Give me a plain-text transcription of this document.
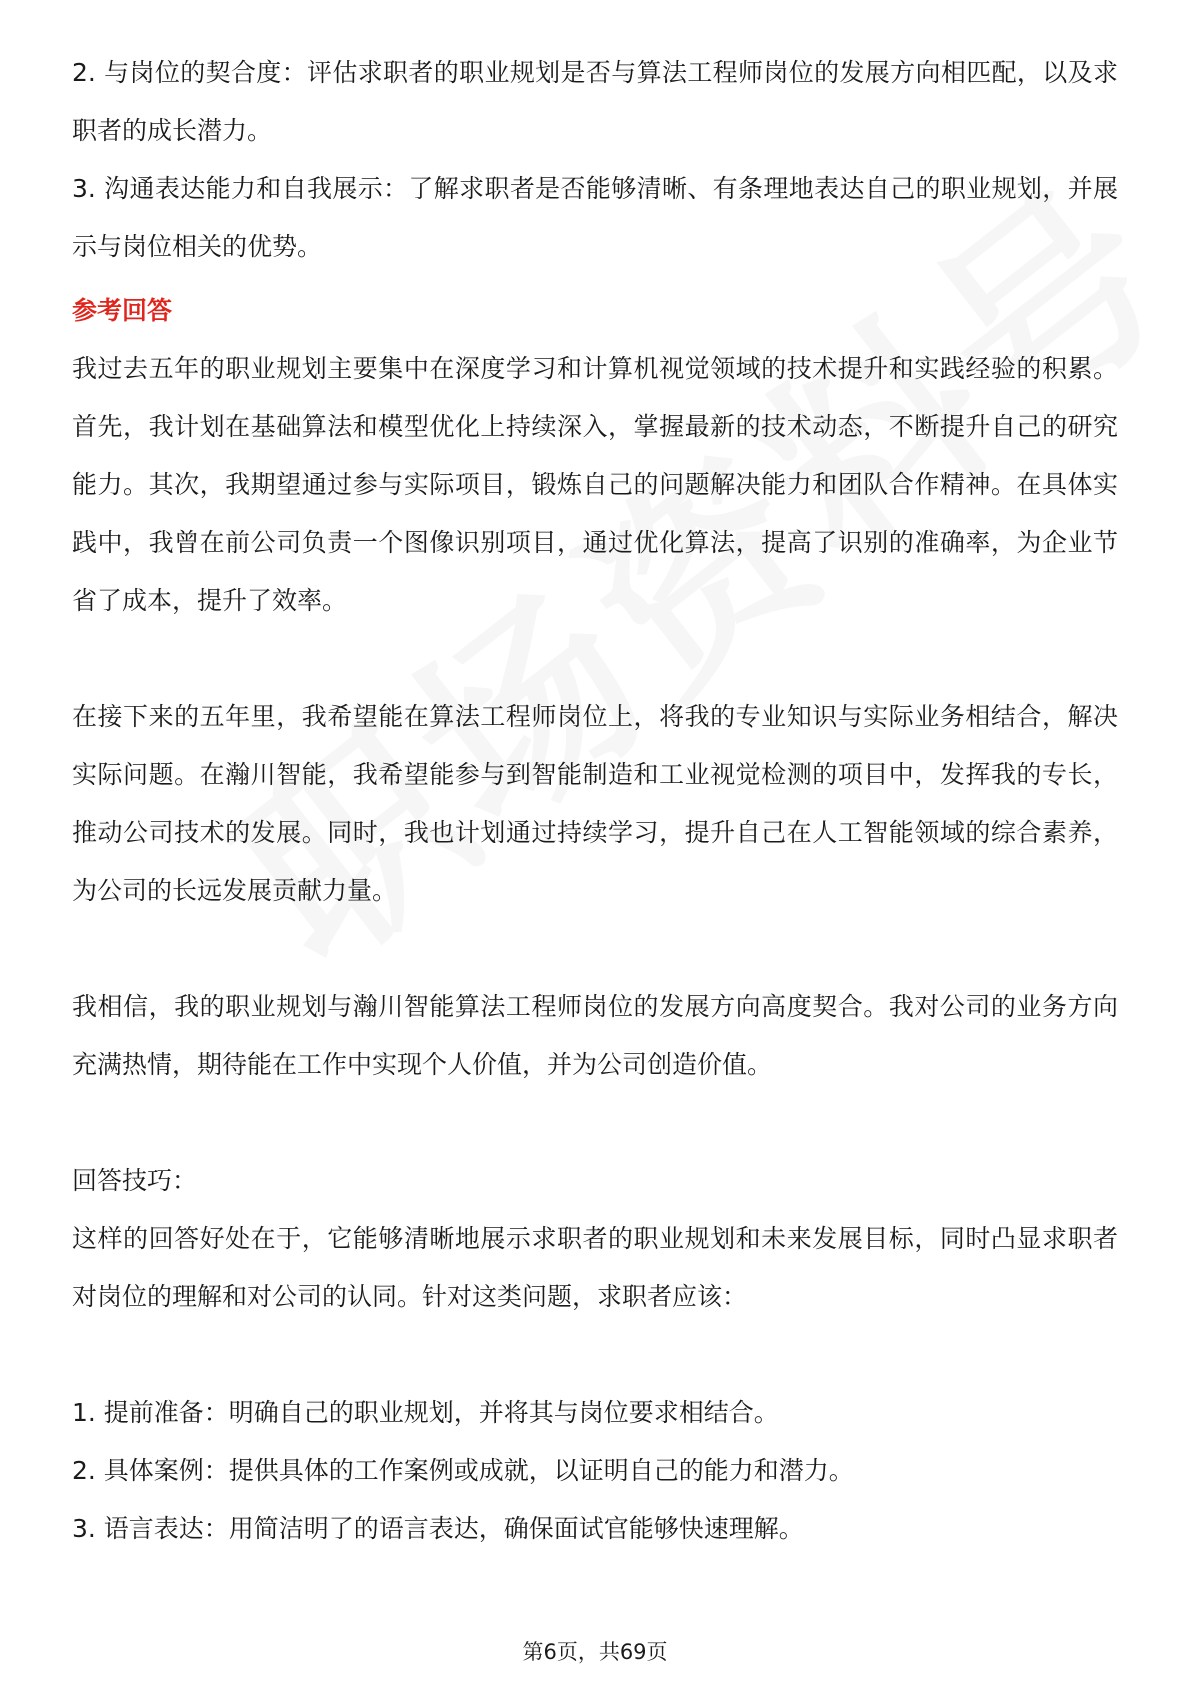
2. 与岗位的契合度：评估求职者的职业规划是否与算法工程师岗位的发展方向相匹配，以及求职者的成长潜力。

3. 沟通表达能力和自我展示：了解求职者是否能够清晰、有条理地表达自己的职业规划，并展示与岗位相关的优势。

参考回答

我过去五年的职业规划主要集中在深度学习和计算机视觉领域的技术提升和实践经验的积累。首先，我计划在基础算法和模型优化上持续深入，掌握最新的技术动态，不断提升自己的研究能力。其次，我期望通过参与实际项目，锻炼自己的问题解决能力和团队合作精神。在具体实践中，我曾在前公司负责一个图像识别项目，通过优化算法，提高了识别的准确率，为企业节省了成本，提升了效率。

在接下来的五年里，我希望能在算法工程师岗位上，将我的专业知识与实际业务相结合，解决实际问题。在瀚川智能，我希望能参与到智能制造和工业视觉检测的项目中，发挥我的专长，推动公司技术的发展。同时，我也计划通过持续学习，提升自己在人工智能领域的综合素养，为公司的长远发展贡献力量。

我相信，我的职业规划与瀚川智能算法工程师岗位的发展方向高度契合。我对公司的业务方向充满热情，期待能在工作中实现个人价值，并为公司创造价值。

回答技巧：

这样的回答好处在于，它能够清晰地展示求职者的职业规划和未来发展目标，同时凸显求职者对岗位的理解和对公司的认同。针对这类问题，求职者应该：

1. 提前准备：明确自己的职业规划，并将其与岗位要求相结合。

2. 具体案例：提供具体的工作案例或成就，以证明自己的能力和潜力。

3. 语言表达：用简洁明了的语言表达，确保面试官能够快速理解。

第6页，共69页
